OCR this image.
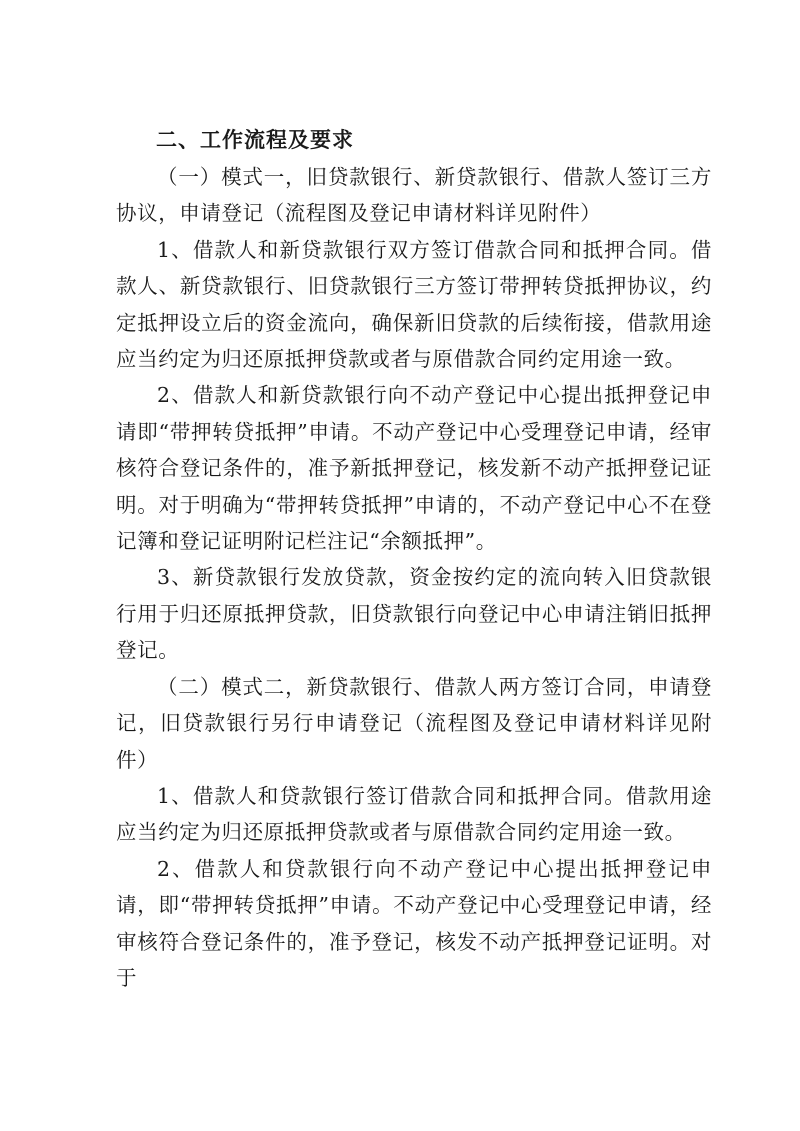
二、工作流程及要求

（一）模式一，旧贷款银行、新贷款银行、借款人签订三方协议，申请登记（流程图及登记申请材料详见附件）

1、借款人和新贷款银行双方签订借款合同和抵押合同。借款人、新贷款银行、旧贷款银行三方签订带押转贷抵押协议，约定抵押设立后的资金流向，确保新旧贷款的后续衔接，借款用途应当约定为归还原抵押贷款或者与原借款合同约定用途一致。

2、借款人和新贷款银行向不动产登记中心提出抵押登记申请即“带押转贷抵押”申请。不动产登记中心受理登记申请，经审核符合登记条件的，准予新抵押登记，核发新不动产抵押登记证明。对于明确为“带押转贷抵押”申请的，不动产登记中心不在登记簿和登记证明附记栏注记“余额抵押”。

3、新贷款银行发放贷款，资金按约定的流向转入旧贷款银行用于归还原抵押贷款，旧贷款银行向登记中心申请注销旧抵押登记。

（二）模式二，新贷款银行、借款人两方签订合同，申请登记，旧贷款银行另行申请登记（流程图及登记申请材料详见附件）

1、借款人和贷款银行签订借款合同和抵押合同。借款用途应当约定为归还原抵押贷款或者与原借款合同约定用途一致。

2、借款人和贷款银行向不动产登记中心提出抵押登记申请，即“带押转贷抵押”申请。不动产登记中心受理登记申请，经审核符合登记条件的，准予登记，核发不动产抵押登记证明。对于
